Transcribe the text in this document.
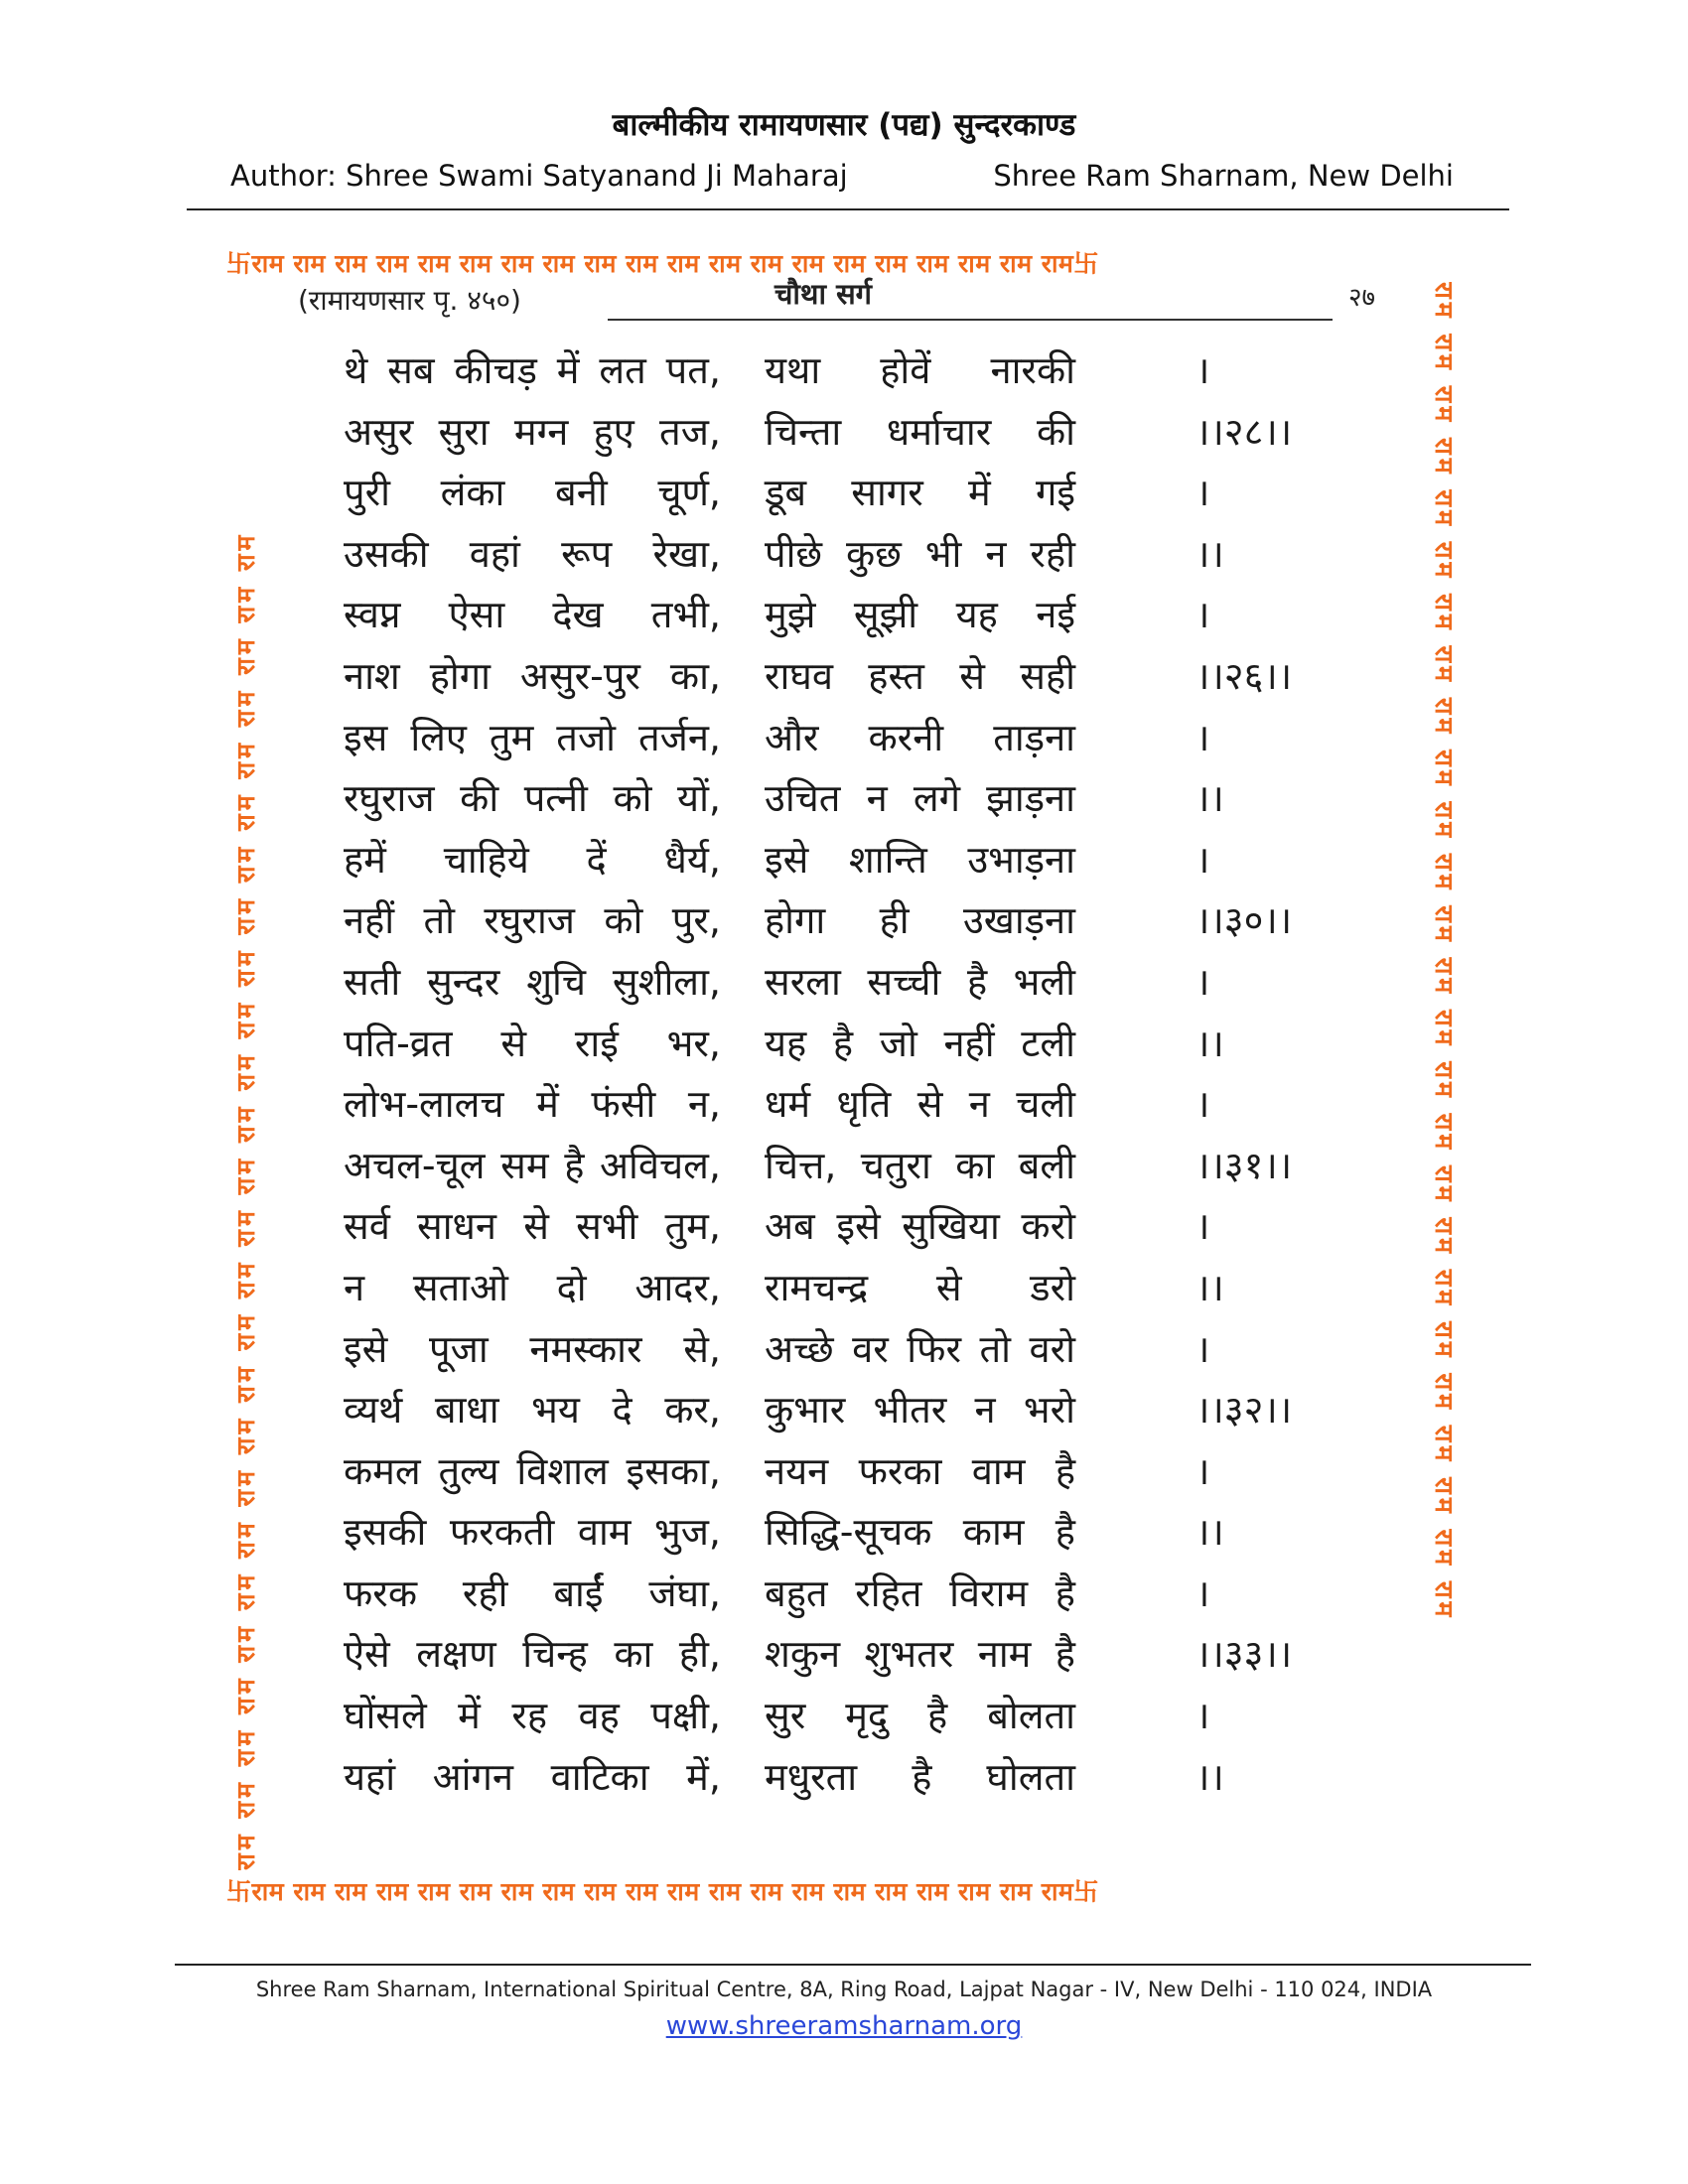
बाल्मीकीय रामायणसार (पद्य) सुन्दरकाण्ड
Author: Shree Swami Satyanand Ji Maharaj	Shree Ram Sharnam, New Delhi
卐राम राम राम राम राम राम राम राम राम राम राम राम राम राम राम राम राम राम राम राम卐
राम राम राम राम राम राम राम राम राम राम राम राम राम राम राम राम राम राम राम राम राम राम राम राम राम राम	राम राम राम राम राम राम राम राम राम राम राम राम राम राम राम राम राम राम राम राम राम राम राम राम राम राम
卐राम राम राम राम राम राम राम राम राम राम राम राम राम राम राम राम राम राम राम राम卐
(रामायणसार पृ. ४५०)	चौथा सर्ग	२७
थे सब कीचड़ में लत पत, यथा होवें नारकी	।
असुर सुरा मग्न हुए तज, चिन्ता धर्माचार की	।।२८।।
पुरी लंका बनी चूर्ण, डूब सागर में गई	।
उसकी वहां रूप रेखा, पीछे कुछ भी न रही	।।
स्वप्न ऐसा देख तभी, मुझे सूझी यह नई	।
नाश होगा असुर-पुर का, राघव हस्त से सही	।।२६।।
इस लिए तुम तजो तर्जन, और करनी ताड़ना	।
रघुराज की पत्नी को यों, उचित न लगे झाड़ना	।।
हमें चाहिये दें धैर्य, इसे शान्ति उभाड़ना	।
नहीं तो रघुराज को पुर, होगा ही उखाड़ना	।।३०।।
सती सुन्दर शुचि सुशीला, सरला सच्ची है भली	।
पति-व्रत से राई भर, यह है जो नहीं टली	।।
लोभ-लालच में फंसी न, धर्म धृति से न चली	।
अचल-चूल सम है अविचल, चित्त, चतुरा का बली	।।३१।।
सर्व साधन से सभी तुम, अब इसे सुखिया करो	।
न सताओ दो आदर, रामचन्द्र से डरो	।।
इसे पूजा नमस्कार से, अच्छे वर फिर तो वरो	।
व्यर्थ बाधा भय दे कर, कुभार भीतर न भरो	।।३२।।
कमल तुल्य विशाल इसका, नयन फरका वाम है	।
इसकी फरकती वाम भुज, सिद्धि-सूचक काम है	।।
फरक रही बाईं जंघा, बहुत रहित विराम है	।
ऐसे लक्षण चिन्ह का ही, शकुन शुभतर नाम है	।।३३।।
घोंसले में रह वह पक्षी, सुर मृदु है बोलता	।
यहां आंगन वाटिका में, मधुरता है घोलता	।।
Shree Ram Sharnam, International Spiritual Centre, 8A, Ring Road, Lajpat Nagar - IV, New Delhi - 110 024, INDIA
www.shreeramsharnam.org
